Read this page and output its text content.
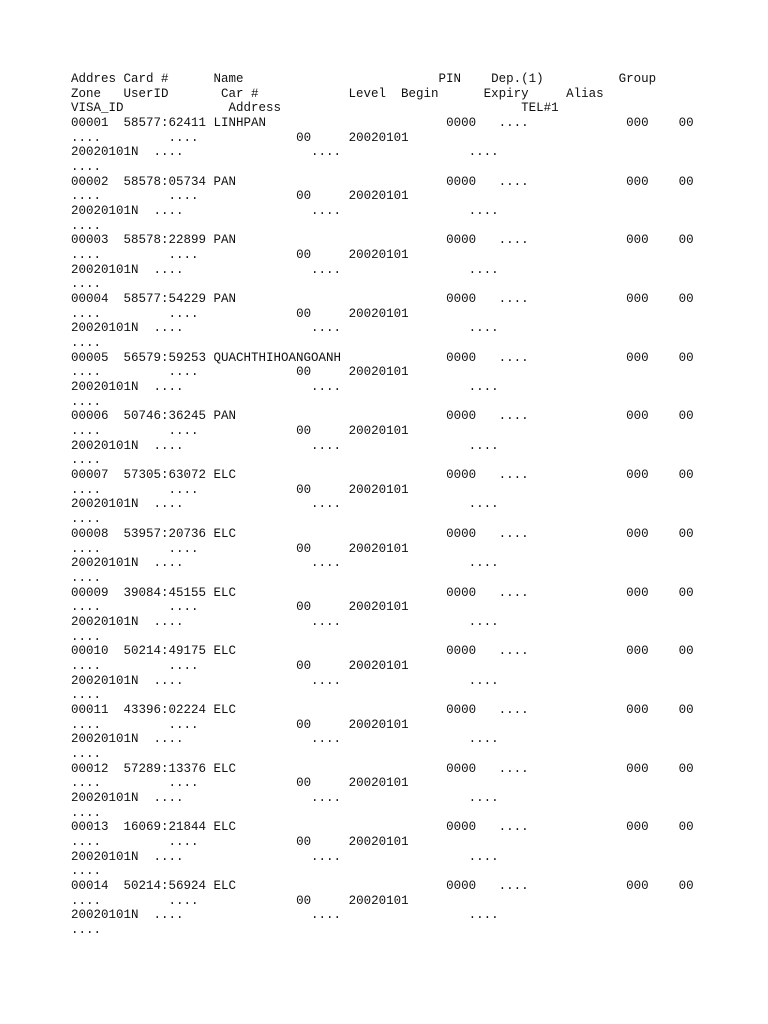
Addres Card #      Name                          PIN    Dep.(1)          Group
Zone   UserID       Car #            Level  Begin      Expiry     Alias
VISA_ID              Address                                TEL#1
00001  58577:62411 LINHPAN                        0000   ....             000    00
....         ....             00     20020101
20020101N  ....                 ....                 ....
....
00002  58578:05734 PAN                            0000   ....             000    00
....         ....             00     20020101
20020101N  ....                 ....                 ....
....
00003  58578:22899 PAN                            0000   ....             000    00
....         ....             00     20020101
20020101N  ....                 ....                 ....
....
00004  58577:54229 PAN                            0000   ....             000    00
....         ....             00     20020101
20020101N  ....                 ....                 ....
....
00005  56579:59253 QUACHTHIHOANGOANH              0000   ....             000    00
....         ....             00     20020101
20020101N  ....                 ....                 ....
....
00006  50746:36245 PAN                            0000   ....             000    00
....         ....             00     20020101
20020101N  ....                 ....                 ....
....
00007  57305:63072 ELC                            0000   ....             000    00
....         ....             00     20020101
20020101N  ....                 ....                 ....
....
00008  53957:20736 ELC                            0000   ....             000    00
....         ....             00     20020101
20020101N  ....                 ....                 ....
....
00009  39084:45155 ELC                            0000   ....             000    00
....         ....             00     20020101
20020101N  ....                 ....                 ....
....
00010  50214:49175 ELC                            0000   ....             000    00
....         ....             00     20020101
20020101N  ....                 ....                 ....
....
00011  43396:02224 ELC                            0000   ....             000    00
....         ....             00     20020101
20020101N  ....                 ....                 ....
....
00012  57289:13376 ELC                            0000   ....             000    00
....         ....             00     20020101
20020101N  ....                 ....                 ....
....
00013  16069:21844 ELC                            0000   ....             000    00
....         ....             00     20020101
20020101N  ....                 ....                 ....
....
00014  50214:56924 ELC                            0000   ....             000    00
....         ....             00     20020101
20020101N  ....                 ....                 ....
....
